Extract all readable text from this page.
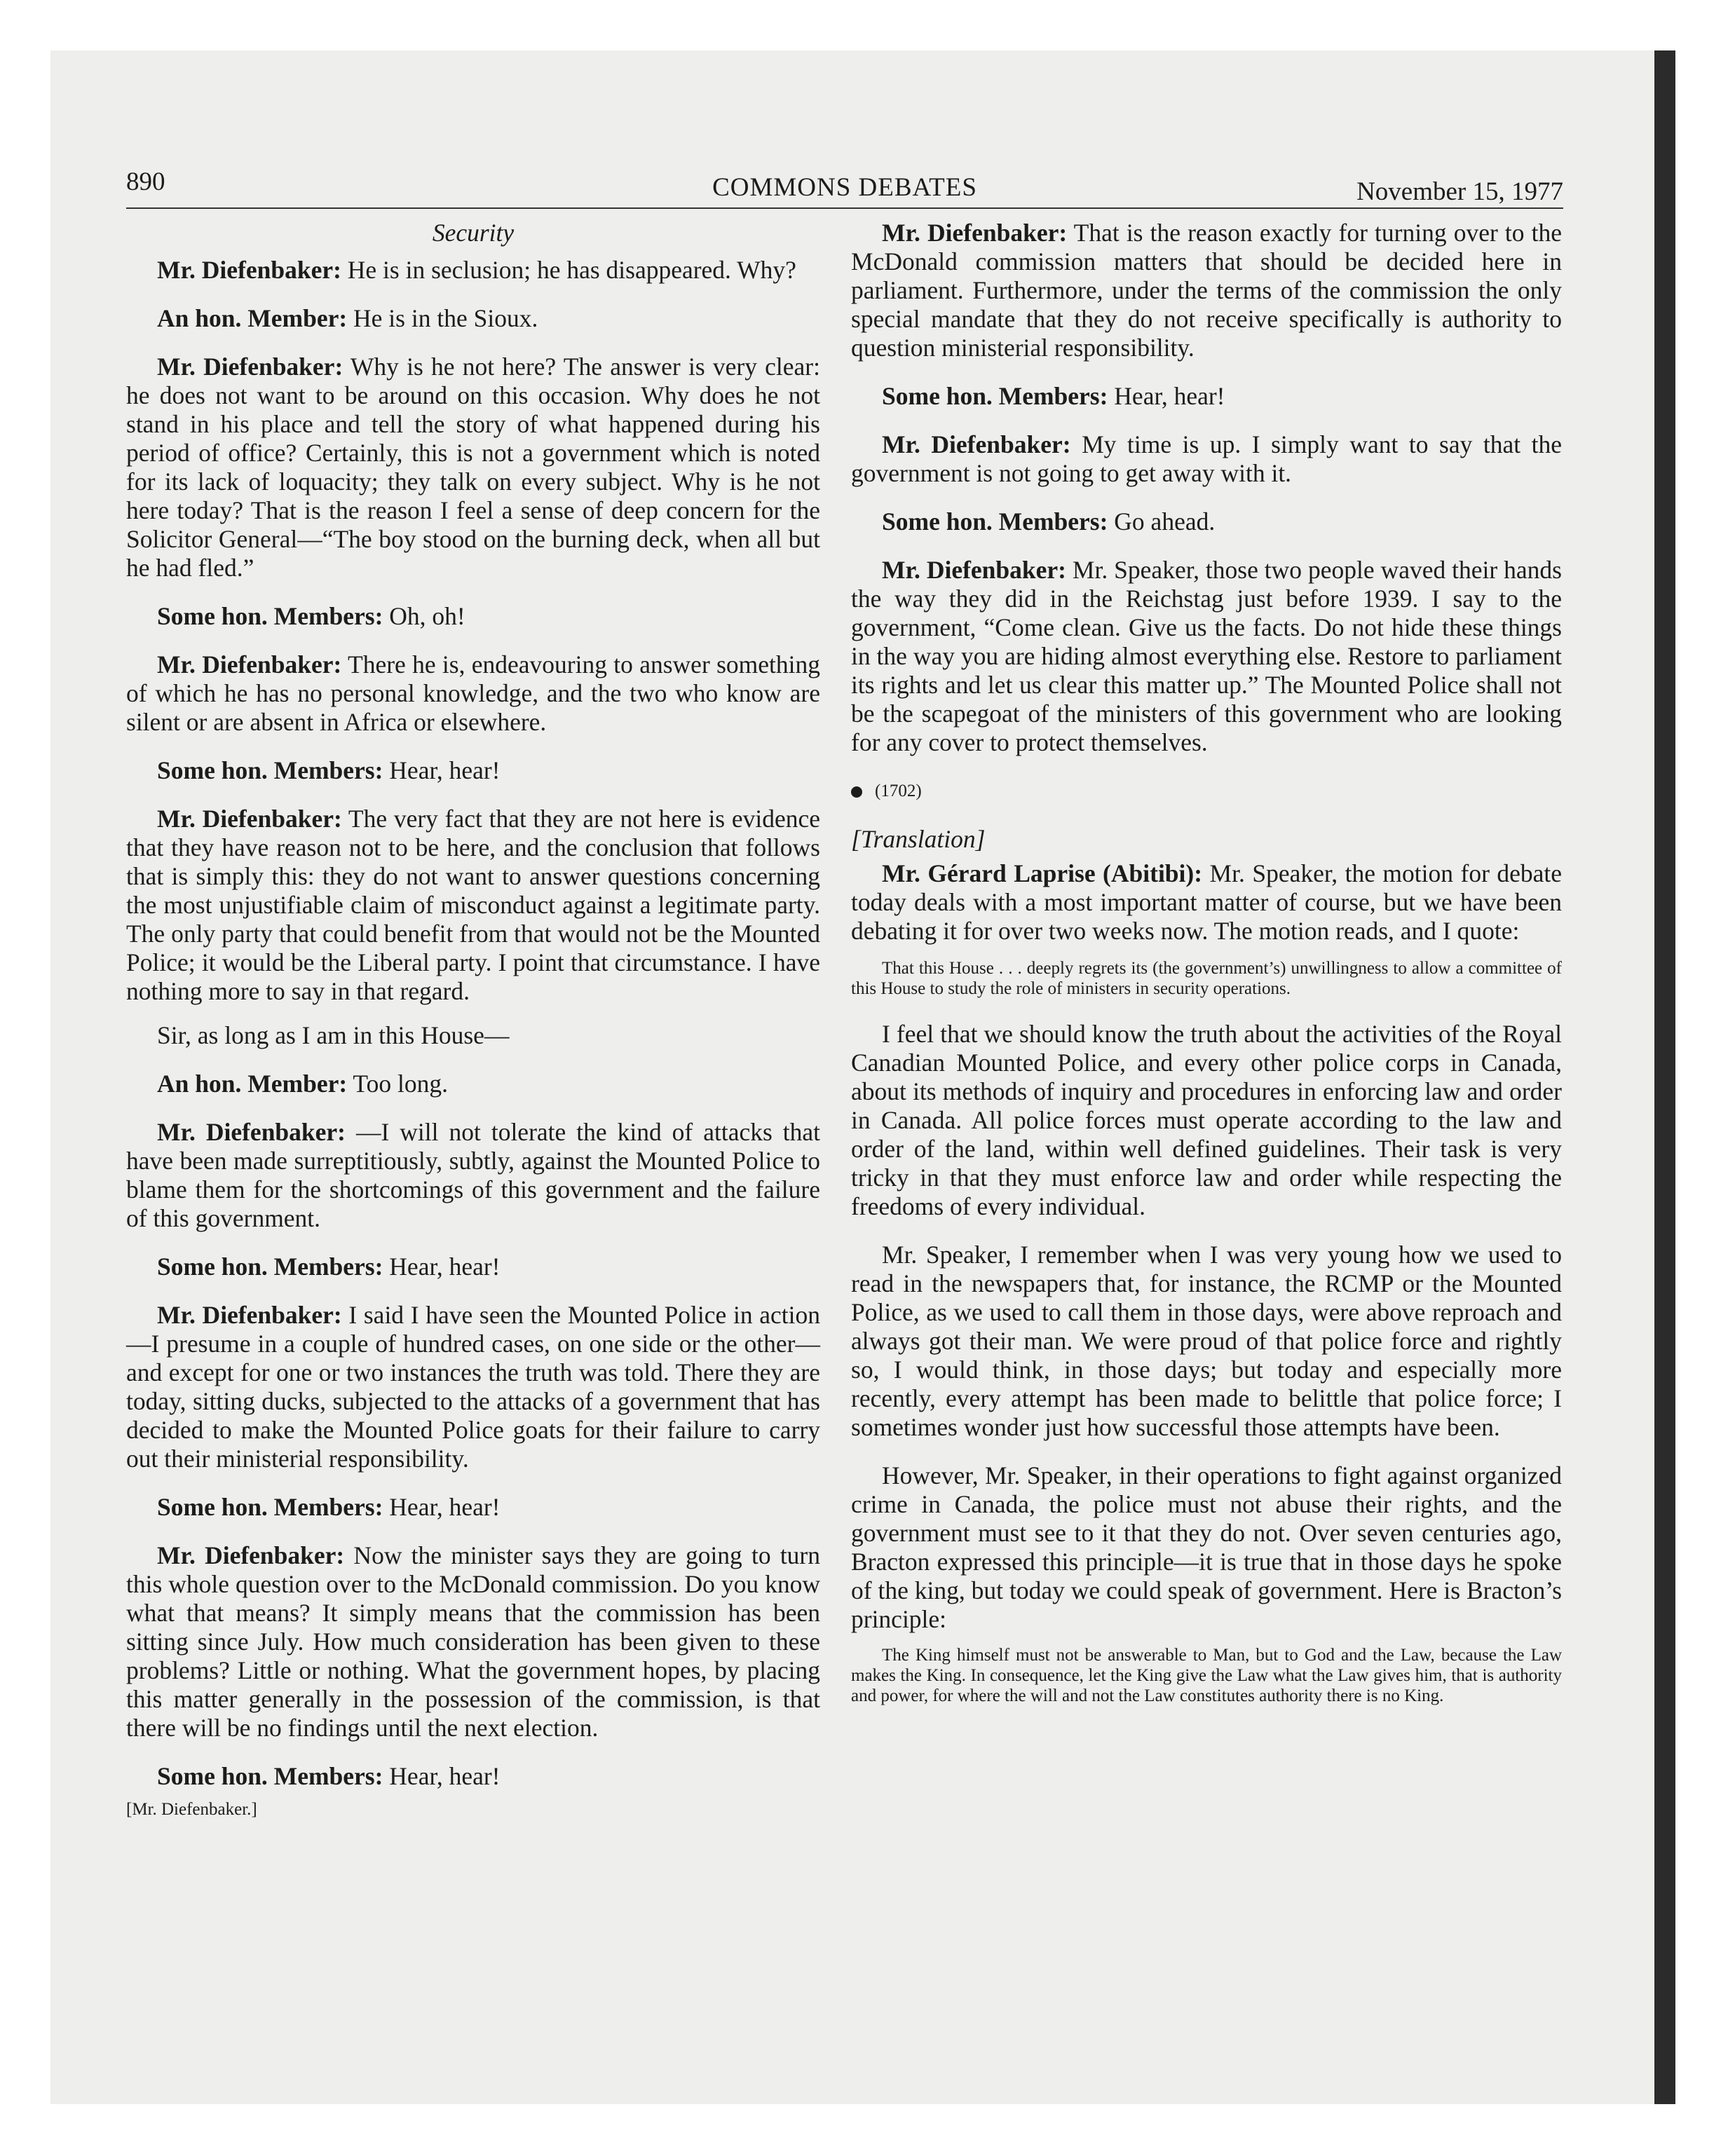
890	COMMONS DEBATES	November 15, 1977
Security

Mr. Diefenbaker: He is in seclusion; he has disappeared. Why?

An hon. Member: He is in the Sioux.

Mr. Diefenbaker: Why is he not here? The answer is very clear: he does not want to be around on this occasion. Why does he not stand in his place and tell the story of what happened during his period of office? Certainly, this is not a government which is noted for its lack of loquacity; they talk on every subject. Why is he not here today? That is the reason I feel a sense of deep concern for the Solicitor General—“The boy stood on the burning deck, when all but he had fled.”

Some hon. Members: Oh, oh!

Mr. Diefenbaker: There he is, endeavouring to answer something of which he has no personal knowledge, and the two who know are silent or are absent in Africa or elsewhere.

Some hon. Members: Hear, hear!

Mr. Diefenbaker: The very fact that they are not here is evidence that they have reason not to be here, and the conclusion that follows that is simply this: they do not want to answer questions concerning the most unjustifiable claim of misconduct against a legitimate party. The only party that could benefit from that would not be the Mounted Police; it would be the Liberal party. I point that circumstance. I have nothing more to say in that regard.

Sir, as long as I am in this House—

An hon. Member: Too long.

Mr. Diefenbaker: —I will not tolerate the kind of attacks that have been made surreptitiously, subtly, against the Mounted Police to blame them for the shortcomings of this government and the failure of this government.

Some hon. Members: Hear, hear!

Mr. Diefenbaker: I said I have seen the Mounted Police in action—I presume in a couple of hundred cases, on one side or the other—and except for one or two instances the truth was told. There they are today, sitting ducks, subjected to the attacks of a government that has decided to make the Mounted Police goats for their failure to carry out their ministerial responsibility.

Some hon. Members: Hear, hear!

Mr. Diefenbaker: Now the minister says they are going to turn this whole question over to the McDonald commission. Do you know what that means? It simply means that the commission has been sitting since July. How much consideration has been given to these problems? Little or nothing. What the government hopes, by placing this matter generally in the possession of the commission, is that there will be no findings until the next election.

Some hon. Members: Hear, hear!

[Mr. Diefenbaker.]

Mr. Diefenbaker: That is the reason exactly for turning over to the McDonald commission matters that should be decided here in parliament. Furthermore, under the terms of the commission the only special mandate that they do not receive specifically is authority to question ministerial responsibility.

Some hon. Members: Hear, hear!

Mr. Diefenbaker: My time is up. I simply want to say that the government is not going to get away with it.

Some hon. Members: Go ahead.

Mr. Diefenbaker: Mr. Speaker, those two people waved their hands the way they did in the Reichstag just before 1939. I say to the government, “Come clean. Give us the facts. Do not hide these things in the way you are hiding almost everything else. Restore to parliament its rights and let us clear this matter up.” The Mounted Police shall not be the scapegoat of the ministers of this government who are looking for any cover to protect themselves.

(1702)
[Translation]

Mr. Gérard Laprise (Abitibi): Mr. Speaker, the motion for debate today deals with a most important matter of course, but we have been debating it for over two weeks now. The motion reads, and I quote:

That this House . . . deeply regrets its (the government’s) unwillingness to allow a committee of this House to study the role of ministers in security operations.

I feel that we should know the truth about the activities of the Royal Canadian Mounted Police, and every other police corps in Canada, about its methods of inquiry and procedures in enforcing law and order in Canada. All police forces must operate according to the law and order of the land, within well defined guidelines. Their task is very tricky in that they must enforce law and order while respecting the freedoms of every individual.

Mr. Speaker, I remember when I was very young how we used to read in the newspapers that, for instance, the RCMP or the Mounted Police, as we used to call them in those days, were above reproach and always got their man. We were proud of that police force and rightly so, I would think, in those days; but today and especially more recently, every attempt has been made to belittle that police force; I sometimes wonder just how successful those attempts have been.

However, Mr. Speaker, in their operations to fight against organized crime in Canada, the police must not abuse their rights, and the government must see to it that they do not. Over seven centuries ago, Bracton expressed this principle—it is true that in those days he spoke of the king, but today we could speak of government. Here is Bracton’s principle:

The King himself must not be answerable to Man, but to God and the Law, because the Law makes the King. In consequence, let the King give the Law what the Law gives him, that is authority and power, for where the will and not the Law constitutes authority there is no King.
